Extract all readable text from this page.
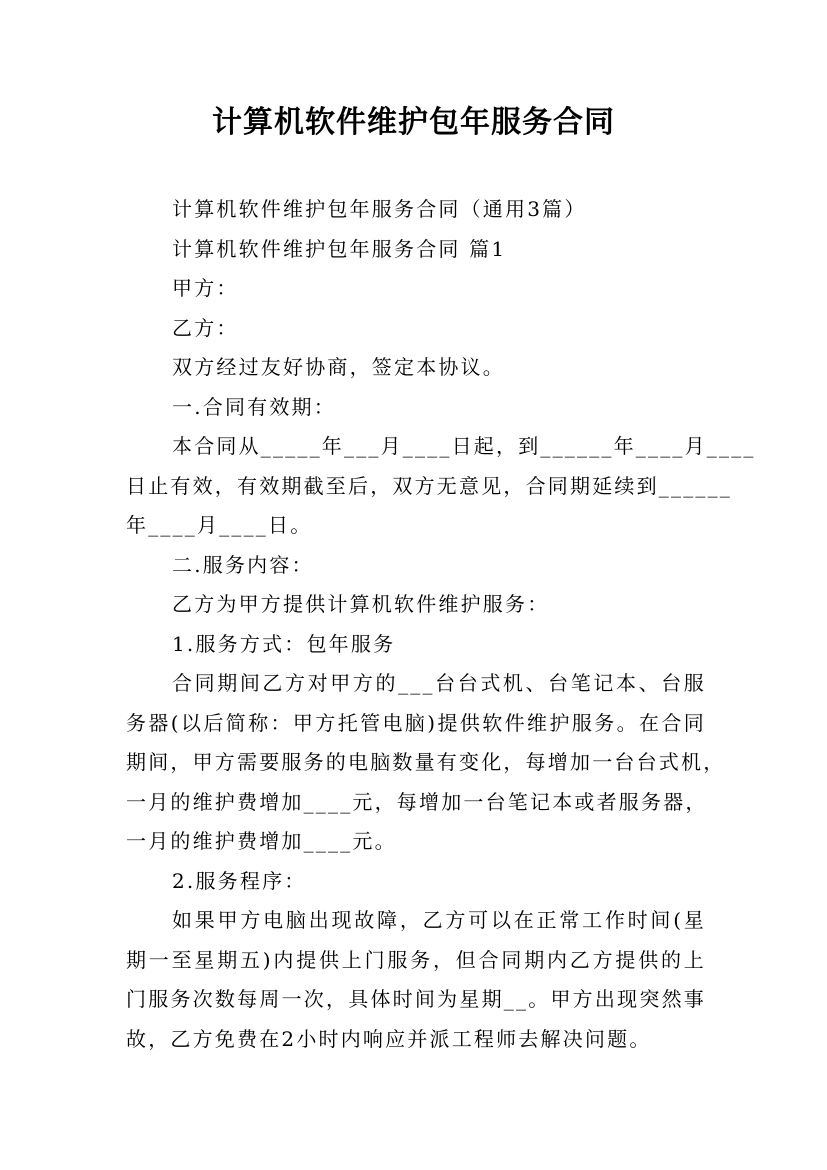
计算机软件维护包年服务合同

计算机软件维护包年服务合同（通用3篇）

计算机软件维护包年服务合同 篇1

甲方：

乙方：

双方经过友好协商，签定本协议。

一.合同有效期：

本合同从_____年___月____日起，到______年____月____

日止有效，有效期截至后，双方无意见，合同期延续到______

年____月____日。

二.服务内容：

乙方为甲方提供计算机软件维护服务：

1.服务方式：包年服务

合同期间乙方对甲方的___台台式机、台笔记本、台服

务器(以后简称：甲方托管电脑)提供软件维护服务。在合同

期间，甲方需要服务的电脑数量有变化，每增加一台台式机，

一月的维护费增加____元，每增加一台笔记本或者服务器，

一月的维护费增加____元。

2.服务程序：

如果甲方电脑出现故障，乙方可以在正常工作时间(星

期一至星期五)内提供上门服务，但合同期内乙方提供的上

门服务次数每周一次，具体时间为星期__。甲方出现突然事

故，乙方免费在2小时内响应并派工程师去解决问题。
